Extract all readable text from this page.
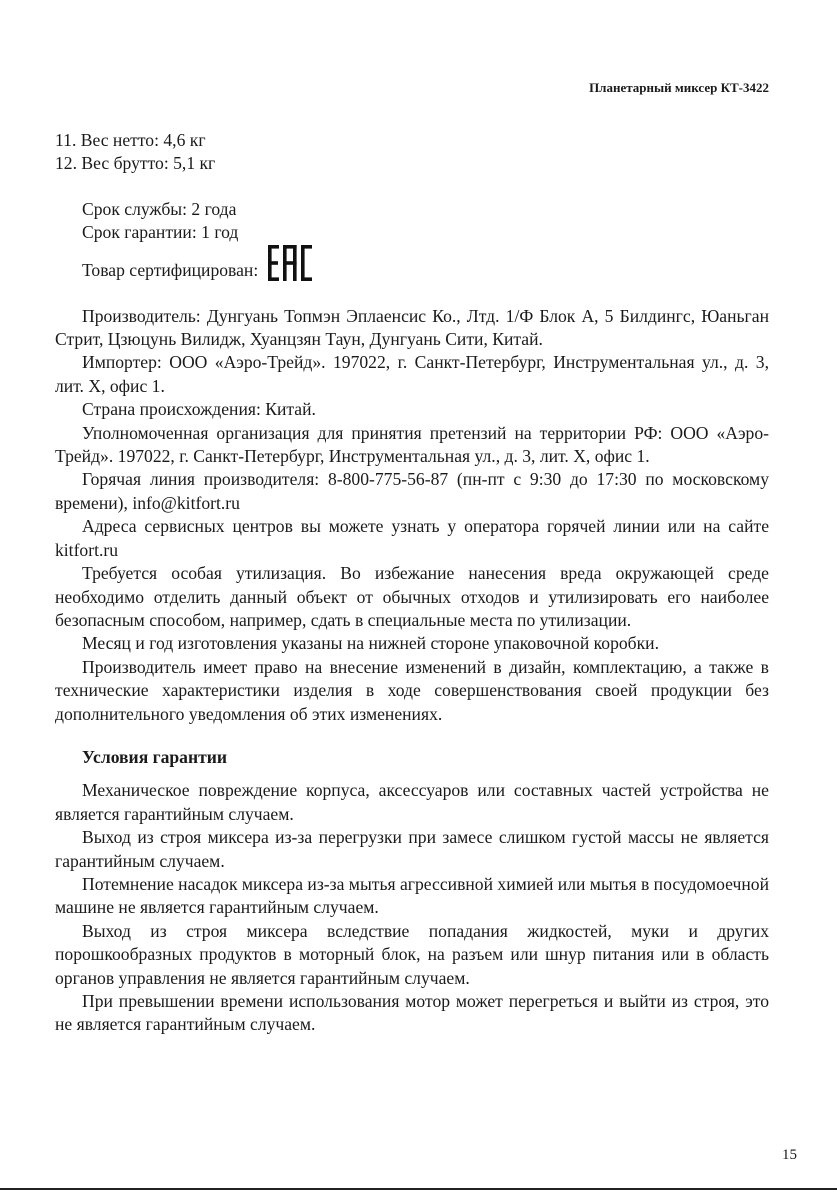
Планетарный миксер КТ-3422
11. Вес нетто: 4,6 кг
12. Вес брутто: 5,1 кг
Срок службы: 2 года
Срок гарантии: 1 год
Товар сертифицирован:

Производитель: Дунгуань Топмэн Эплаенсис Ко., Лтд. 1/Ф Блок А, 5 Билдингс, Юаньган Стрит, Цзюцунь Вилидж, Хуанцзян Таун, Дунгуань Сити, Китай.

Импортер: ООО «Аэро-Трейд». 197022, г. Санкт-Петербург, Инструментальная ул., д. 3, лит. Х, офис 1.

Страна происхождения: Китай.

Уполномоченная организация для принятия претензий на территории РФ: ООО «Аэро-Трейд». 197022, г. Санкт-Петербург, Инструментальная ул., д. 3, лит. Х, офис 1.

Горячая линия производителя: 8-800-775-56-87 (пн-пт с 9:30 до 17:30 по московскому времени), info@kitfort.ru

Адреса сервисных центров вы можете узнать у оператора горячей линии или на сайте kitfort.ru

Требуется особая утилизация. Во избежание нанесения вреда окружающей среде необходимо отделить данный объект от обычных отходов и утилизировать его наиболее безопасным способом, например, сдать в специальные места по утилизации.

Месяц и год изготовления указаны на нижней стороне упаковочной коробки.

Производитель имеет право на внесение изменений в дизайн, комплектацию, а также в технические характеристики изделия в ходе совершенствования своей продукции без дополнительного уведомления об этих изменениях.

Условия гарантии

Механическое повреждение корпуса, аксессуаров или составных частей устройства не является гарантийным случаем.

Выход из строя миксера из-за перегрузки при замесе слишком густой массы не является гарантийным случаем.

Потемнение насадок миксера из-за мытья агрессивной химией или мытья в посудомоечной машине не является гарантийным случаем.

Выход из строя миксера вследствие попадания жидкостей, муки и других порошкообразных продуктов в моторный блок, на разъем или шнур питания или в область органов управления не является гарантийным случаем.

При превышении времени использования мотор может перегреться и выйти из строя, это не является гарантийным случаем.

15
